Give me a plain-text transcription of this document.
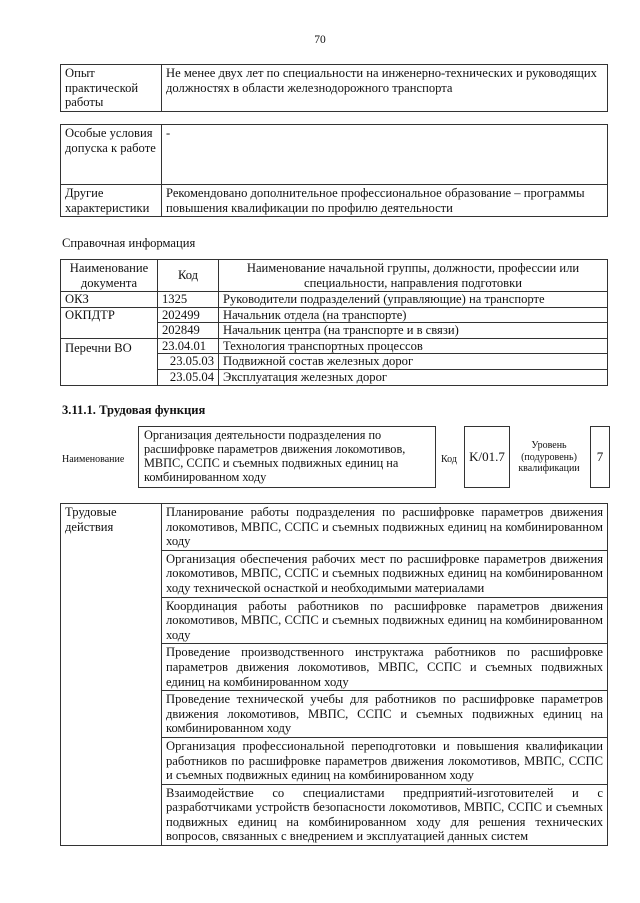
70
Опыт практической работы	Не менее двух лет по специальности на инженерно-технических и руководящих должностях в области железнодорожного транспорта
Особые условия допуска к работе	-
Другие характеристики	Рекомендовано дополнительное профессиональное образование – программы повышения квалификации по профилю деятельности
Справочная информация
Наименование документа	Код	Наименование начальной группы, должности, профессии или специальности, направления подготовки
ОКЗ	1325	Руководители подразделений (управляющие) на транспорте
ОКПДТР	202499	Начальник отдела (на транспорте)
	202849	Начальник центра (на транспорте и в связи)
Перечни ВО	23.04.01	Технология транспортных процессов
	23.05.03	Подвижной состав железных дорог
	23.05.04	Эксплуатация железных дорог
3.11.1. Трудовая функция
Наименование
Организация деятельности подразделения по расшифровке параметров движения локомотивов, МВПС, ССПС и съемных подвижных единиц на комбинированном ходу
Код K/01.7
Уровень (подуровень) квалификации
7
Трудовые действия	Планирование работы подразделения по расшифровке параметров движения локомотивов, МВПС, ССПС и съемных подвижных единиц на комбинированном ходу
Организация обеспечения рабочих мест по расшифровке параметров движения локомотивов, МВПС, ССПС и съемных подвижных единиц на комбинированном ходу технической оснасткой и необходимыми материалами
Координация работы работников по расшифровке параметров движения локомотивов, МВПС, ССПС и съемных подвижных единиц на комбинированном ходу
Проведение производственного инструктажа работников по расшифровке параметров движения локомотивов, МВПС, ССПС и съемных подвижных единиц на комбинированном ходу
Проведение технической учебы для работников по расшифровке параметров движения локомотивов, МВПС, ССПС и съемных подвижных единиц на комбинированном ходу
Организация профессиональной переподготовки и повышения квалификации работников по расшифровке параметров движения локомотивов, МВПС, ССПС и съемных подвижных единиц на комбинированном ходу
Взаимодействие со специалистами предприятий-изготовителей и с разработчиками устройств безопасности локомотивов, МВПС, ССПС и съемных подвижных единиц на комбинированном ходу для решения технических вопросов, связанных с внедрением и эксплуатацией данных систем
